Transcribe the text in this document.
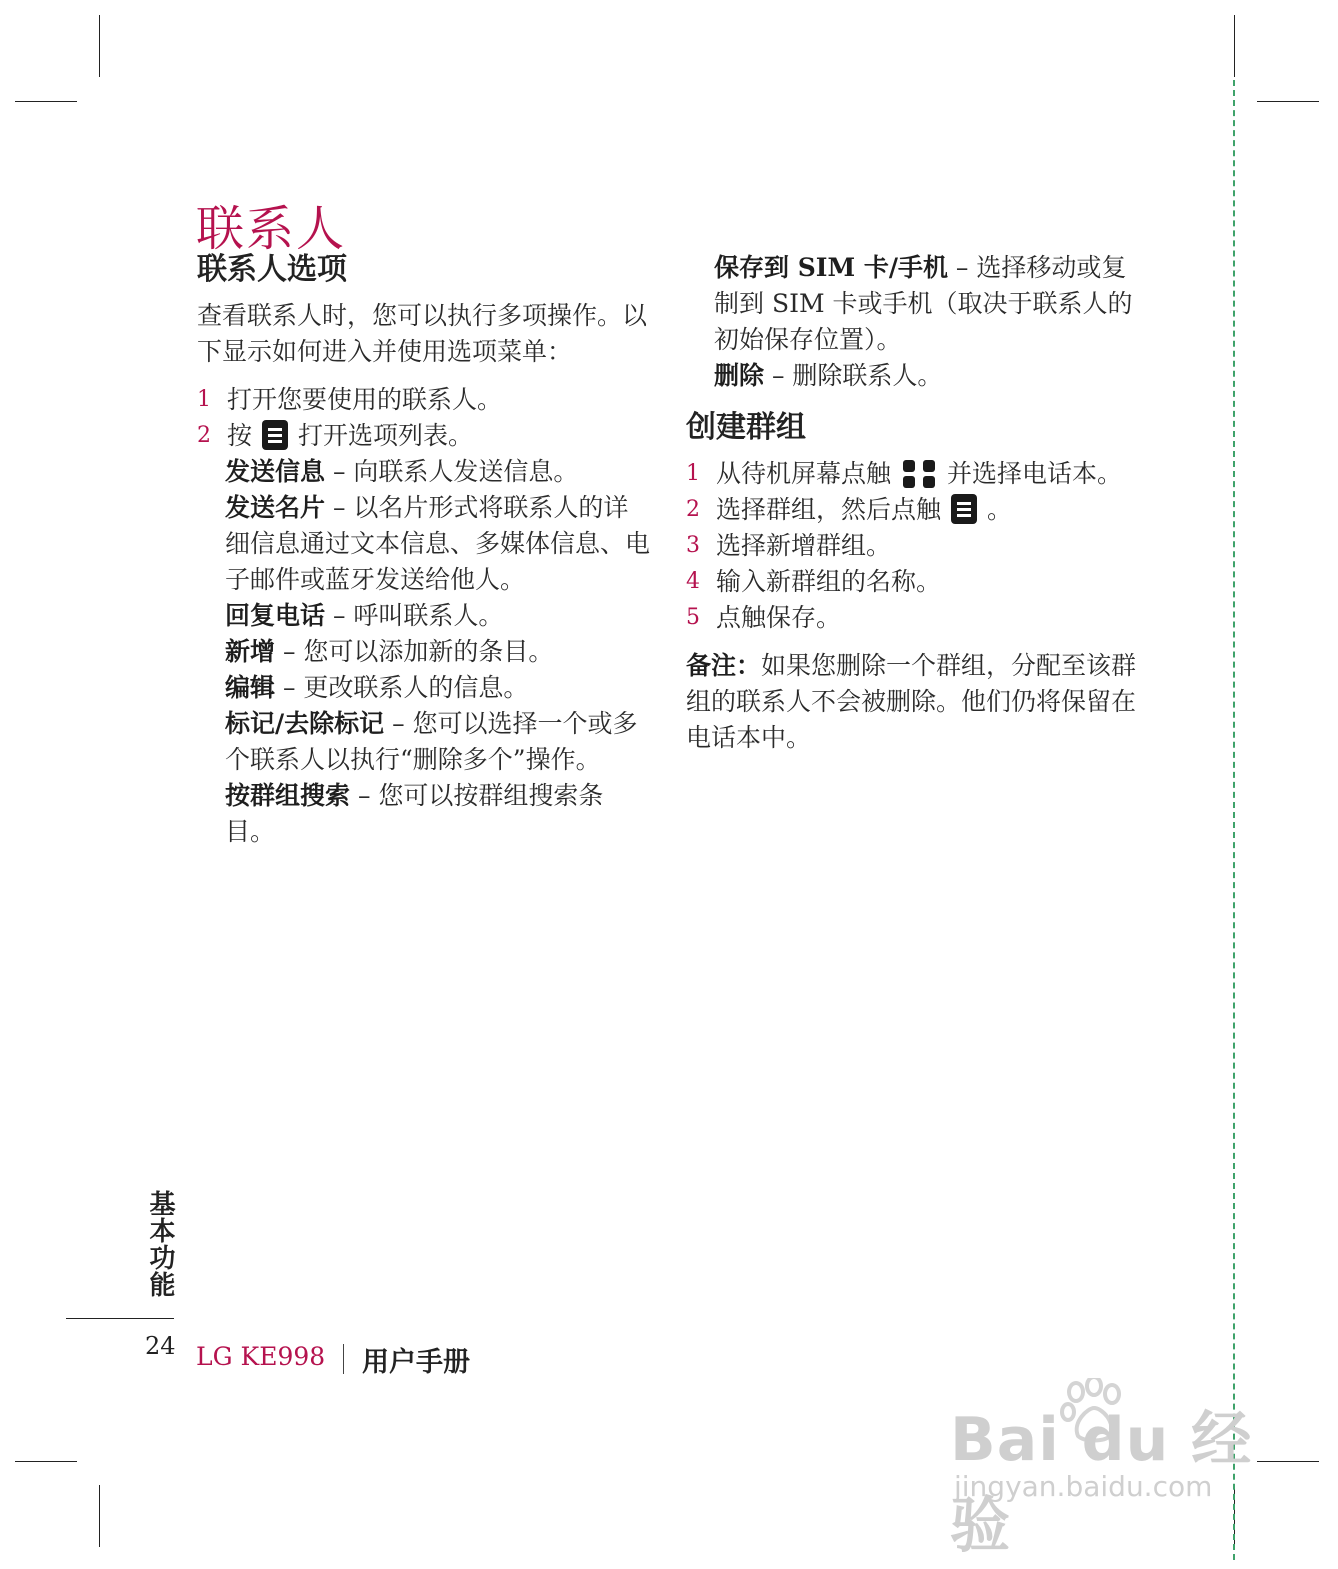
联系人
联系人选项

查看联系人时，您可以执行多项操作。以下显示如何进入并使用选项菜单：

1 打开您要使用的联系人。
2 按 打开选项列表。

发送信息 – 向联系人发送信息。

发送名片 – 以名片形式将联系人的详细信息通过文本信息、多媒体信息、电子邮件或蓝牙发送给他人。

回复电话 – 呼叫联系人。

新增 – 您可以添加新的条目。

编辑 – 更改联系人的信息。

标记/去除标记 – 您可以选择一个或多个联系人以执行“删除多个”操作。

按群组搜索 – 您可以按群组搜索条目。

保存到 SIM 卡/手机 – 选择移动或复制到 SIM 卡或手机（取决于联系人的初始保存位置）。

删除 – 删除联系人。

创建群组
1 从待机屏幕点触 并选择电话本。
2 选择群组，然后点触 。
3 选择新增群组。
4 输入新群组的名称。
5 点触保存。

备注：如果您删除一个群组，分配至该群组的联系人不会被删除。他们仍将保留在电话本中。

基本功能
24 LG KE998 用户手册
Bai du 经验
jingyan.baidu.com
